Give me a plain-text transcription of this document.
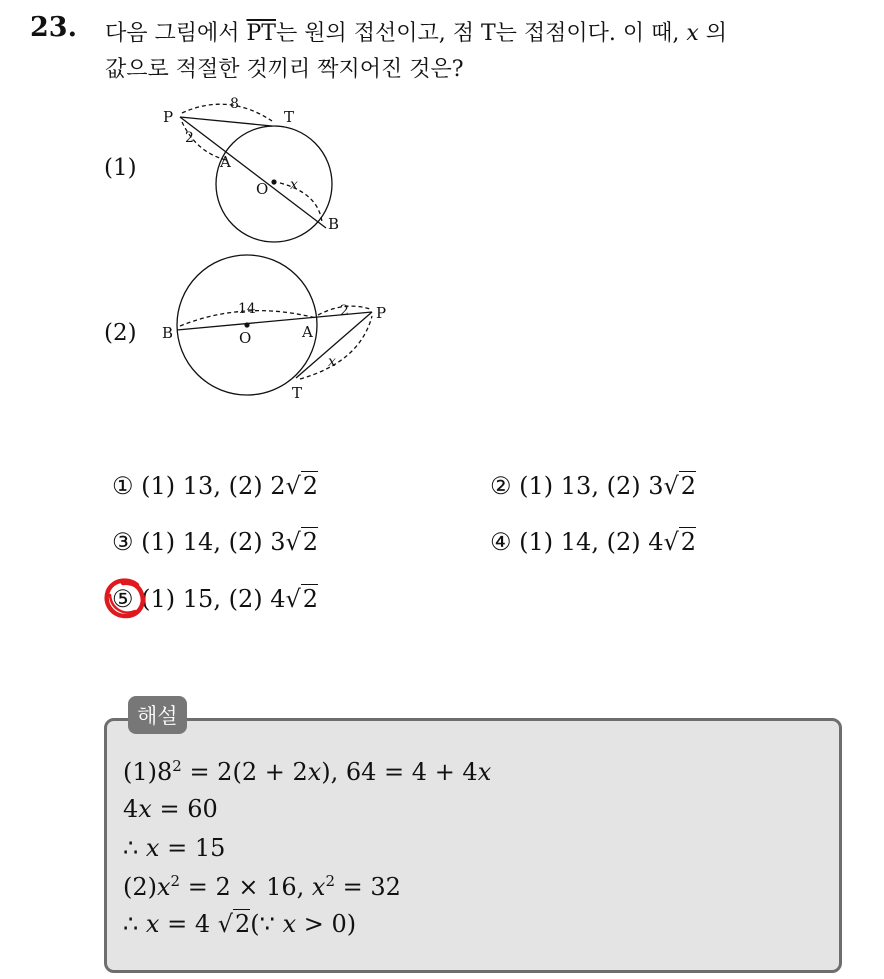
23. 다음 그림에서 $\overline{PT}$는 원의 접선이고, 점 T는 접점이다. 이 때, x 의
값으로 적절한 것끼리 짝지어진 것은?
(1)
(2)
P	T
A
O
B
8
2
x
B	O	A
P
T
14	2
x
① (1) 13, (2) 2√2	② (1) 13, (2) 3√2
③ (1) 14, (2) 3√2	④ (1) 14, (2) 4√2
⑤ (1) 15, (2) 4√2
해설
$(1)8^2 = 2(2 + 2x)$, 64 = 4 + 4x
4x = 60
∴ x = 15
$(2)x^2 = 2 \times 16$, $x^2 = 32$
∴ x = 4 √2(∵ x > 0)
